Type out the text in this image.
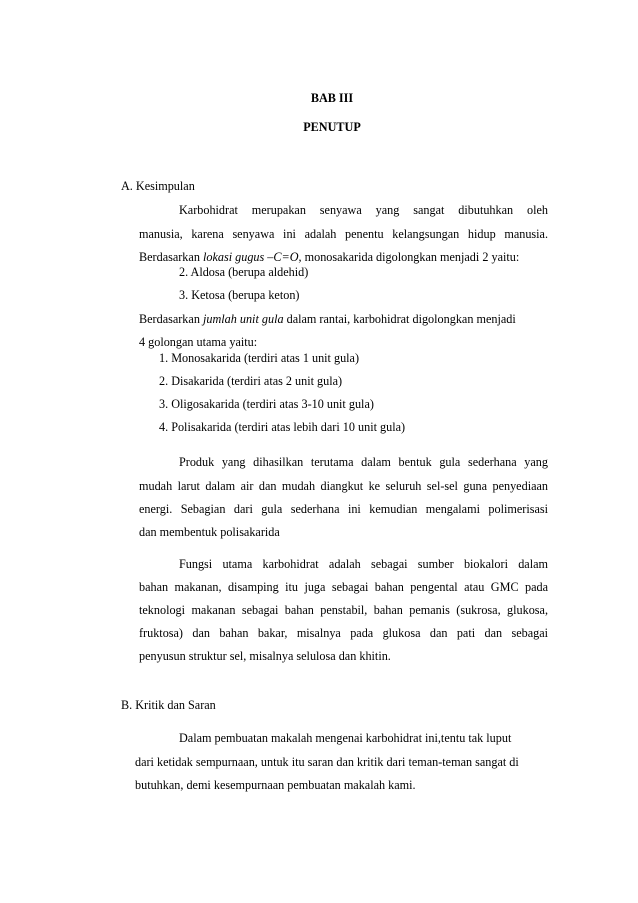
BAB III
PENUTUP
A. Kesimpulan
Karbohidrat merupakan senyawa yang sangat dibutuhkan oleh
manusia, karena senyawa ini adalah penentu kelangsungan hidup manusia.
Berdasarkan lokasi gugus –C=O, monosakarida digolongkan menjadi 2 yaitu:
2. Aldosa (berupa aldehid)
3. Ketosa (berupa keton)
Berdasarkan jumlah unit gula dalam rantai, karbohidrat digolongkan menjadi
4 golongan utama yaitu:
1. Monosakarida (terdiri atas 1 unit gula)
2. Disakarida (terdiri atas 2 unit gula)
3. Oligosakarida (terdiri atas 3-10 unit gula)
4. Polisakarida (terdiri atas lebih dari 10 unit gula)
Produk yang dihasilkan terutama dalam bentuk gula sederhana yang
mudah larut dalam air dan mudah diangkut ke seluruh sel-sel guna penyediaan
energi. Sebagian dari gula sederhana ini kemudian mengalami polimerisasi
dan membentuk polisakarida
Fungsi utama karbohidrat adalah sebagai sumber biokalori dalam
bahan makanan, disamping itu juga sebagai bahan pengental atau GMC pada
teknologi makanan sebagai bahan penstabil, bahan pemanis (sukrosa, glukosa,
fruktosa) dan bahan bakar, misalnya pada glukosa dan pati dan sebagai
penyusun struktur sel, misalnya selulosa dan khitin.
B. Kritik dan Saran
Dalam pembuatan makalah mengenai karbohidrat ini,tentu tak luput
dari ketidak sempurnaan, untuk itu saran dan kritik dari teman-teman sangat di
butuhkan, demi kesempurnaan pembuatan makalah kami.
